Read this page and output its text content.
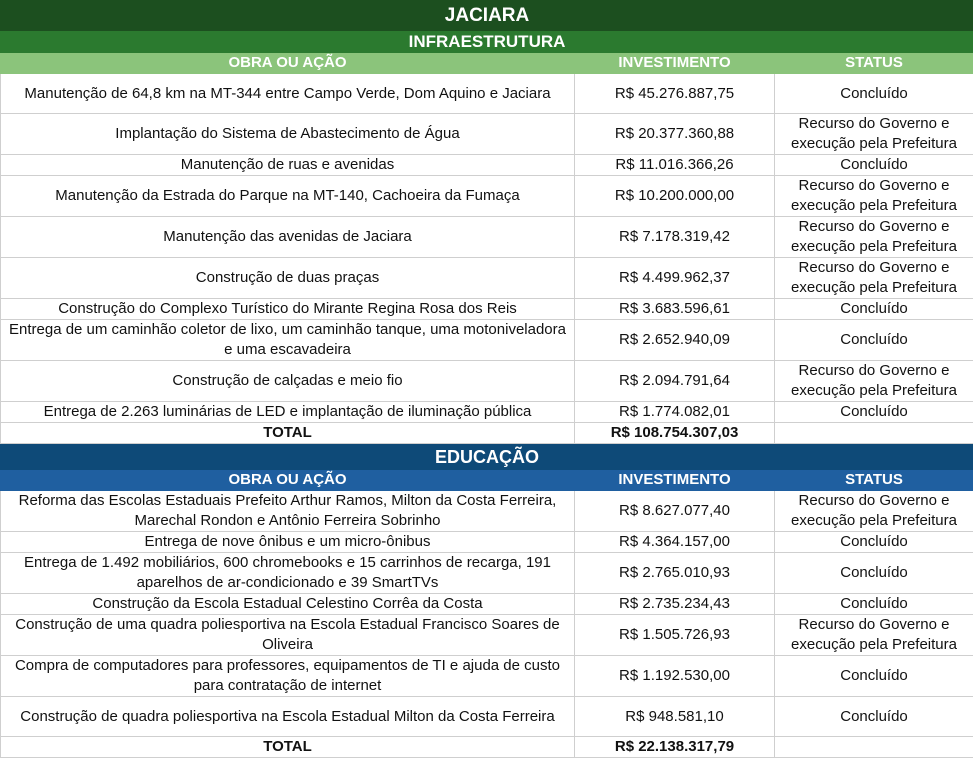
JACIARA		
INFRAESTRUTURA		
OBRA OU AÇÃO	INVESTIMENTO	STATUS
Manutenção de 64,8 km na MT-344 entre Campo Verde, Dom Aquino e Jaciara	R$ 45.276.887,75	Concluído
Implantação do Sistema de Abastecimento de Água	R$ 20.377.360,88	Recurso do Governo e execução pela Prefeitura
Manutenção de ruas e avenidas	R$ 11.016.366,26	Concluído
Manutenção da Estrada do Parque na MT-140, Cachoeira da Fumaça	R$ 10.200.000,00	Recurso do Governo e execução pela Prefeitura
Manutenção das avenidas de Jaciara	R$ 7.178.319,42	Recurso do Governo e execução pela Prefeitura
Construção de duas praças	R$ 4.499.962,37	Recurso do Governo e execução pela Prefeitura
Construção do Complexo Turístico do Mirante Regina Rosa dos Reis	R$ 3.683.596,61	Concluído
Entrega de um caminhão coletor de lixo, um caminhão tanque, uma motoniveladora e uma escavadeira	R$ 2.652.940,09	Concluído
Construção de calçadas e meio fio	R$ 2.094.791,64	Recurso do Governo e execução pela Prefeitura
Entrega de 2.263 luminárias de LED e implantação de iluminação pública	R$ 1.774.082,01	Concluído
TOTAL	R$ 108.754.307,03	
EDUCAÇÃO		
OBRA OU AÇÃO	INVESTIMENTO	STATUS
Reforma das Escolas Estaduais Prefeito Arthur Ramos, Milton da Costa Ferreira, Marechal Rondon e Antônio Ferreira Sobrinho	R$ 8.627.077,40	Recurso do Governo e execução pela Prefeitura
Entrega de nove ônibus e um micro-ônibus	R$ 4.364.157,00	Concluído
Entrega de 1.492 mobiliários, 600 chromebooks e 15 carrinhos de recarga, 191 aparelhos de ar-condicionado e 39 SmartTVs	R$ 2.765.010,93	Concluído
Construção da Escola Estadual Celestino Corrêa da Costa	R$ 2.735.234,43	Concluído
Construção de uma quadra poliesportiva na Escola Estadual Francisco Soares de Oliveira	R$ 1.505.726,93	Recurso do Governo e execução pela Prefeitura
Compra de computadores para professores, equipamentos de TI e ajuda de custo para contratação de internet	R$ 1.192.530,00	Concluído
Construção de quadra poliesportiva na Escola Estadual Milton da Costa Ferreira	R$ 948.581,10	Concluído
TOTAL	R$ 22.138.317,79	
